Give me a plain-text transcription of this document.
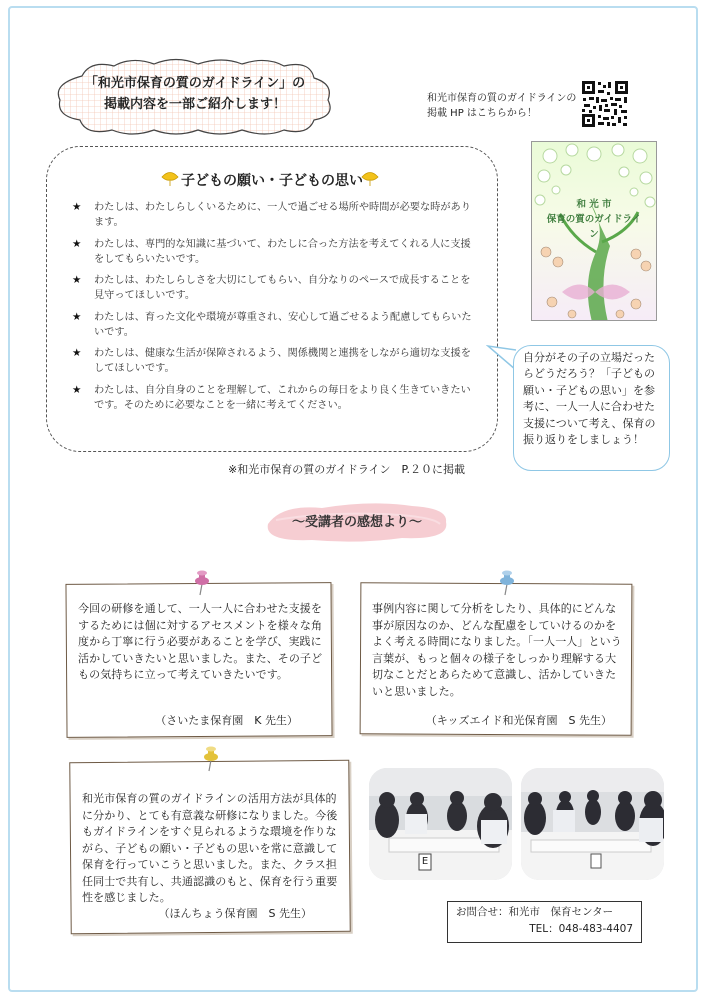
「和光市保育の質のガイドライン」の
掲載内容を一部ご紹介します！	和光市保育の質のガイドラインの
掲載 HP はこちらから！
子どもの願い・子どもの思い
★ わたしは、わたしらしくいるために、一人で過ごせる場所や時間が必要な時があります。
★ わたしは、専門的な知識に基づいて、わたしに合った方法を考えてくれる人に支援をしてもらいたいです。
★ わたしは、わたしらしさを大切にしてもらい、自分なりのペースで成長することを見守ってほしいです。
★ わたしは、育った文化や環境が尊重され、安心して過ごせるよう配慮してもらいたいです。
★ わたしは、健康な生活が保障されるよう、関係機関と連携をしながら適切な支援をしてほしいです。
★ わたしは、自分自身のことを理解して、これからの毎日をより良く生きていきたいです。そのために必要なことを一緒に考えてください。
※和光市保育の質のガイドライン　P.２０に掲載
和 光 市
保育の質のガイドライン
自分がその子の立場だったらどうだろう？「子どもの願い・子どもの思い」を参考に、一人一人に合わせた支援について考え、保育の振り返りをしましょう！
～受講者の感想より～
今回の研修を通して、一人一人に合わせた支援をするためには個に対するアセスメントを様々な角度から丁寧に行う必要があることを学び、実践に活かしていきたいと思いました。また、その子どもの気持ちに立って考えていきたいです。
（さいたま保育園　K 先生）
事例内容に関して分析をしたり、具体的にどんな事が原因なのか、どんな配慮をしていけるのかをよく考える時間になりました。「一人一人」という言葉が、もっと個々の様子をしっかり理解する大切なことだとあらためて意識し、活かしていきたいと思いました。
（キッズエイド和光保育園　S 先生）
和光市保育の質のガイドラインの活用方法が具体的に分かり、とても有意義な研修になりました。今後もガイドラインをすぐ見られるような環境を作りながら、子どもの願い・子どもの思いを常に意識して保育を行っていこうと思いました。また、クラス担任同士で共有し、共通認識のもと、保育を行う重要性を感じました。
（ほんちょう保育園　S 先生）
E
お問合せ：和光市　保育センター
TEL：048-483-4407
